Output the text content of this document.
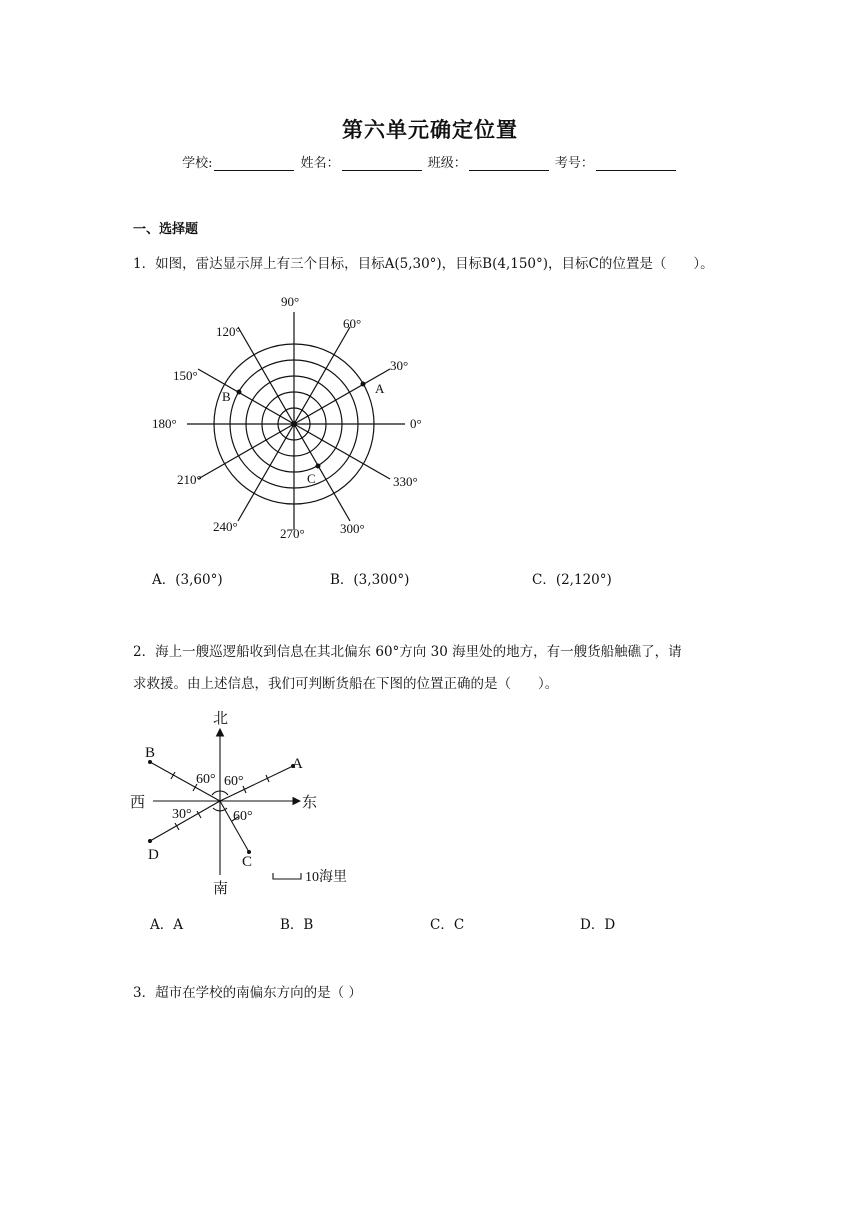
第六单元确定位置
学校:	姓名：	班级：	考号：
一、选择题
1．如图，雷达显示屏上有三个目标，目标A(5,30°)，目标B(4,150°)，目标C的位置是（　　）。
90°
60°
30°
0°
330°
300°
270°
240°
210°
180°
150°
120°
A
B
C
A．(3,60°)	B．(3,300°)	C．(2,120°)
2．海上一艘巡逻船收到信息在其北偏东 60°方向 30 海里处的地方，有一艘货船触礁了，请
求救援。由上述信息，我们可判断货船在下图的位置正确的是（　　）。
北
南
东
西
60° 60°
30°	60°
A
B
C
D
10海里
A．A	B．B	C．C	D．D
3．超市在学校的南偏东方向的是（ ）
